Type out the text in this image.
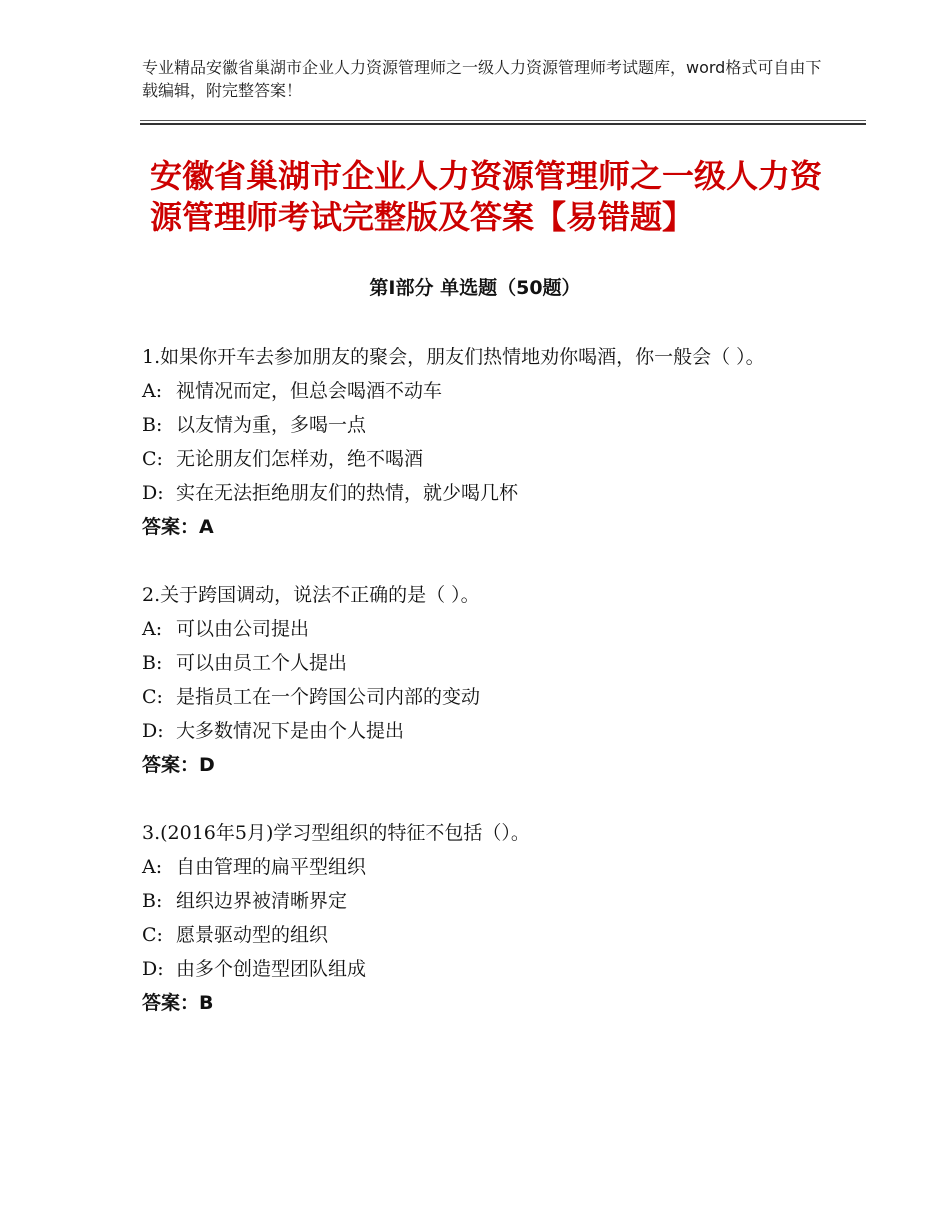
专业精品安徽省巢湖市企业人力资源管理师之一级人力资源管理师考试题库，word格式可自由下载编辑，附完整答案！
安徽省巢湖市企业人力资源管理师之一级人力资源管理师考试完整版及答案【易错题】
第Ⅰ部分 单选题（50题）
1.如果你开车去参加朋友的聚会，朋友们热情地劝你喝酒，你一般会（ ）。
A: 视情况而定，但总会喝酒不动车
B: 以友情为重，多喝一点
C: 无论朋友们怎样劝，绝不喝酒
D: 实在无法拒绝朋友们的热情，就少喝几杯
答案：A
2.关于跨国调动，说法不正确的是（ ）。
A: 可以由公司提出
B: 可以由员工个人提出
C: 是指员工在一个跨国公司内部的变动
D: 大多数情况下是由个人提出
答案：D
3.(2016年5月)学习型组织的特征不包括（）。
A: 自由管理的扁平型组织
B: 组织边界被清晰界定
C: 愿景驱动型的组织
D: 由多个创造型团队组成
答案：B
